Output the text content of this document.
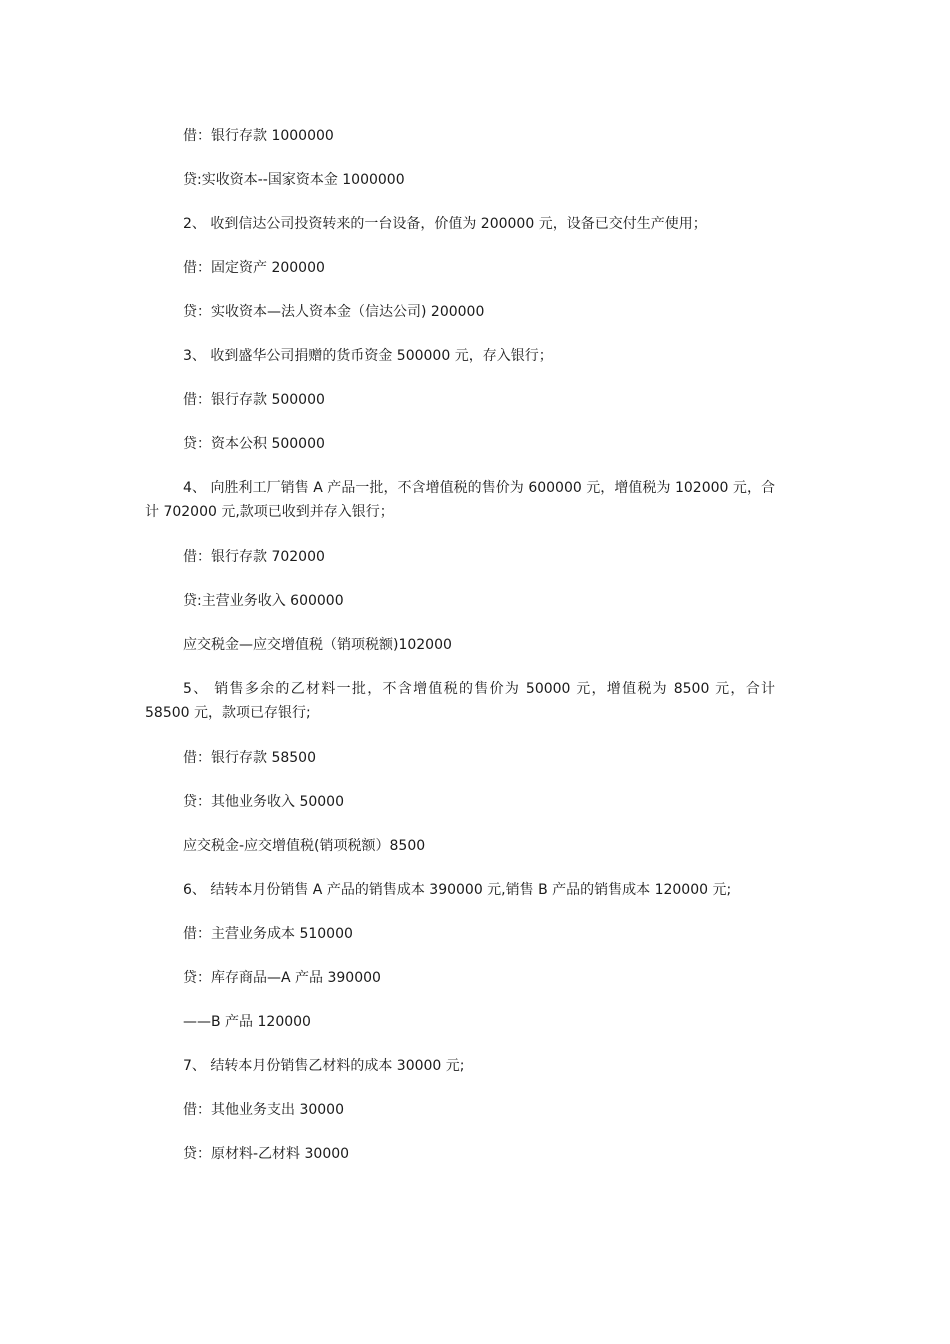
借：银行存款 1000000
贷:实收资本--国家资本金 1000000
2、 收到信达公司投资转来的一台设备，价值为 200000 元，设备已交付生产使用；
借：固定资产 200000
贷：实收资本—法人资本金（信达公司) 200000
3、 收到盛华公司捐赠的货币资金 500000 元，存入银行；
借：银行存款 500000
贷：资本公积 500000
4、 向胜利工厂销售 A 产品一批，不含增值税的售价为 600000 元，增值税为 102000 元，合计 702000 元,款项已收到并存入银行；
借：银行存款 702000
贷:主营业务收入 600000
应交税金—应交增值税（销项税额)102000
5、 销售多余的乙材料一批，不含增值税的售价为 50000 元，增值税为 8500 元，合计 58500 元，款项已存银行;
借：银行存款 58500
贷：其他业务收入 50000
应交税金-应交增值税(销项税额）8500
6、 结转本月份销售 A 产品的销售成本 390000 元,销售 B 产品的销售成本 120000 元;
借：主营业务成本 510000
贷：库存商品—A 产品 390000
——B 产品 120000
7、 结转本月份销售乙材料的成本 30000 元;
借：其他业务支出 30000
贷：原材料-乙材料 30000
